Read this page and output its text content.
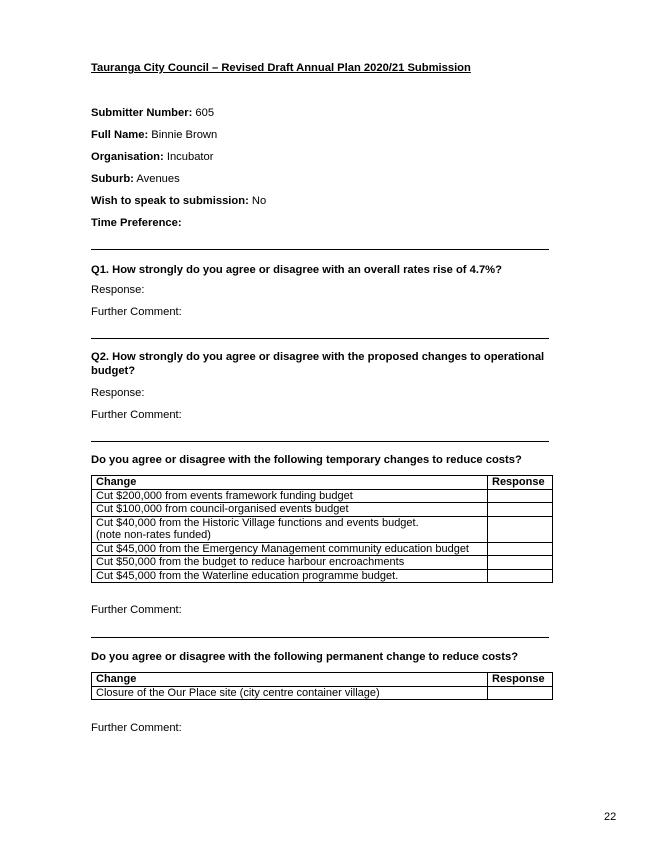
Tauranga City Council – Revised Draft Annual Plan 2020/21 Submission
Submitter Number: 605
Full Name: Binnie Brown
Organisation: Incubator
Suburb: Avenues
Wish to speak to submission: No
Time Preference:
Q1. How strongly do you agree or disagree with an overall rates rise of 4.7%?
Response:
Further Comment:
Q2. How strongly do you agree or disagree with the proposed changes to operational budget?
Response:
Further Comment:
Do you agree or disagree with the following temporary changes to reduce costs?
Change	Response
Cut $200,000 from events framework funding budget	
Cut $100,000 from council-organised events budget	

Cut $40,000 from the Historic Village functions and events budget.
(note non-rates funded)	

Cut $45,000 from the Emergency Management community education budget	
Cut $50,000 from the budget to reduce harbour encroachments	
Cut $45,000 from the Waterline education programme budget.	
Further Comment:
Do you agree or disagree with the following permanent change to reduce costs?
Change	Response
Closure of the Our Place site (city centre container village)	
Further Comment:
22
